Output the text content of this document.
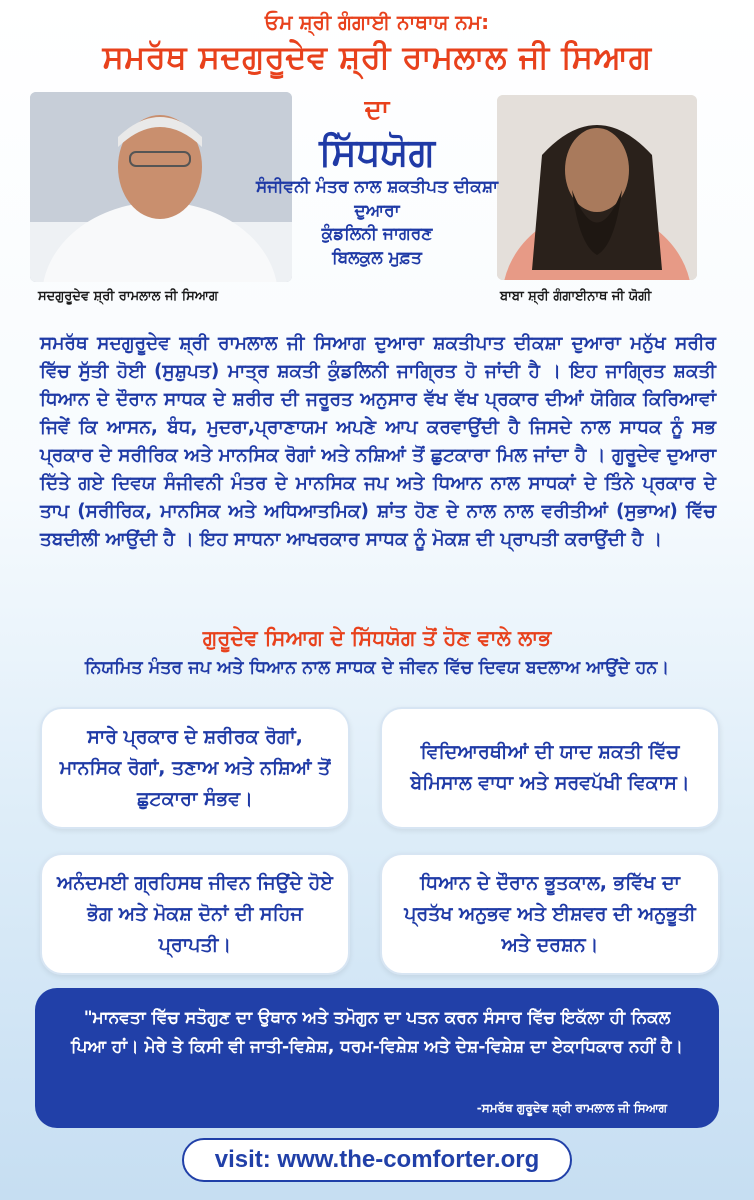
ਓਮ ਸ਼੍ਰੀ ਗੰਗਾਈ ਨਾਥਾਯ ਨਮ:
ਸਮਰੱਥ ਸਦਗੁਰੂਦੇਵ ਸ਼੍ਰੀ ਰਾਮਲਾਲ ਜੀ ਸਿਆਗ
ਦਾ
ਸਿੱਧਯੋਗ
ਸੰਜੀਵਨੀ ਮੰਤਰ ਨਾਲ ਸ਼ਕਤੀਪਤ ਦੀਕਸ਼ਾ
ਦੁਆਰਾ
ਕੁੰਡਲਿਨੀ ਜਾਗਰਣ
ਬਿਲਕੁਲ ਮੁਫ਼ਤ
ਸਦਗੁਰੂਦੇਵ ਸ਼੍ਰੀ ਰਾਮਲਾਲ ਜੀ ਸਿਆਗ	ਬਾਬਾ ਸ਼੍ਰੀ ਗੰਗਾਈਨਾਥ ਜੀ ਯੋਗੀ

ਸਮਰੱਥ ਸਦਗੁਰੂਦੇਵ ਸ਼੍ਰੀ ਰਾਮਲਾਲ ਜੀ ਸਿਆਗ ਦੁਆਰਾ ਸ਼ਕਤੀਪਾਤ ਦੀਕਸ਼ਾ ਦੁਆਰਾ ਮਨੁੱਖ ਸਰੀਰ ਵਿੱਚ ਸੁੱਤੀ ਹੋਈ (ਸੁਸ਼ੁਪਤ) ਮਾਤ੍ਰ ਸ਼ਕਤੀ ਕੁੰਡਲਿਨੀ ਜਾਗ੍ਰਿਤ ਹੋ ਜਾਂਦੀ ਹੈ । ਇਹ ਜਾਗ੍ਰਿਤ ਸ਼ਕਤੀ ਧਿਆਨ ਦੇ ਦੌਰਾਨ ਸਾਧਕ ਦੇ ਸ਼ਰੀਰ ਦੀ ਜਰੂਰਤ ਅਨੁਸਾਰ ਵੱਖ ਵੱਖ ਪ੍ਰਕਾਰ ਦੀਆਂ ਯੋਗਿਕ ਕਿਰਿਆਵਾਂ ਜਿਵੇਂ ਕਿ ਆਸਨ, ਬੰਧ, ਮੁਦਰਾ,ਪ੍ਰਾਣਾਯਮ ਅਪਣੇ ਆਪ ਕਰਵਾਉਂਦੀ ਹੈ ਜਿਸਦੇ ਨਾਲ ਸਾਧਕ ਨੂੰ ਸਭ ਪ੍ਰਕਾਰ ਦੇ ਸਰੀਰਿਕ ਅਤੇ ਮਾਨਸਿਕ ਰੋਗਾਂ ਅਤੇ ਨਸ਼ਿਆਂ ਤੋਂ ਛੁਟਕਾਰਾ ਮਿਲ ਜਾਂਦਾ ਹੈ । ਗੁਰੂਦੇਵ ਦੁਆਰਾ ਦਿੱਤੇ ਗਏ ਦਿਵਯ ਸੰਜੀਵਨੀ ਮੰਤਰ ਦੇ ਮਾਨਸਿਕ ਜਪ ਅਤੇ ਧਿਆਨ ਨਾਲ ਸਾਧਕਾਂ ਦੇ ਤਿੰਨੇ ਪ੍ਰਕਾਰ ਦੇ ਤਾਪ (ਸਰੀਰਿਕ, ਮਾਨਸਿਕ ਅਤੇ ਅਧਿਆਤਮਿਕ) ਸ਼ਾਂਤ ਹੋਣ ਦੇ ਨਾਲ ਨਾਲ ਵਰੀਤੀਆਂ (ਸੁਭਾਅ) ਵਿੱਚ ਤਬਦੀਲੀ ਆਉਂਦੀ ਹੈ । ਇਹ ਸਾਧਨਾ ਆਖਰਕਾਰ ਸਾਧਕ ਨੂੰ ਮੋਕਸ਼ ਦੀ ਪ੍ਰਾਪਤੀ ਕਰਾਉਂਦੀ ਹੈ ।

ਗੁਰੂਦੇਵ ਸਿਆਗ ਦੇ ਸਿੱਧਯੋਗ ਤੋਂ ਹੋਣ ਵਾਲੇ ਲਾਭ
ਨਿਯਮਿਤ ਮੰਤਰ ਜਪ ਅਤੇ ਧਿਆਨ ਨਾਲ ਸਾਧਕ ਦੇ ਜੀਵਨ ਵਿੱਚ ਦਿਵਯ ਬਦਲਾਅ ਆਉਂਦੇ ਹਨ।
ਸਾਰੇ ਪ੍ਰਕਾਰ ਦੇ ਸ਼ਰੀਰਕ ਰੋਗਾਂ, ਮਾਨਸਿਕ ਰੋਗਾਂ, ਤਣਾਅ ਅਤੇ ਨਸ਼ਿਆਂ ਤੋਂ ਛੁਟਕਾਰਾ ਸੰਭਵ।
ਵਿਦਿਆਰਥੀਆਂ ਦੀ ਯਾਦ ਸ਼ਕਤੀ ਵਿੱਚ ਬੇਮਿਸਾਲ ਵਾਧਾ ਅਤੇ ਸਰਵਪੱਖੀ ਵਿਕਾਸ।
ਅਨੰਦਮਈ ਗ੍ਰਹਿਸਥ ਜੀਵਨ ਜਿਉਂਦੇ ਹੋਏ ਭੋਗ ਅਤੇ ਮੋਕਸ਼ ਦੋਨਾਂ ਦੀ ਸਹਿਜ ਪ੍ਰਾਪਤੀ।
ਧਿਆਨ ਦੇ ਦੌਰਾਨ ਭੂਤਕਾਲ, ਭਵਿੱਖ ਦਾ ਪ੍ਰਤੱਖ ਅਨੁਭਵ ਅਤੇ ਈਸ਼ਵਰ ਦੀ ਅਨੁਭੂਤੀ ਅਤੇ ਦਰਸ਼ਨ।

"ਮਾਨਵਤਾ ਵਿੱਚ ਸਤੋਗੁਣ ਦਾ ਉਥਾਨ ਅਤੇ ਤਮੋਗੁਨ ਦਾ ਪਤਨ ਕਰਨ ਸੰਸਾਰ ਵਿੱਚ ਇਕੱਲਾ ਹੀ ਨਿਕਲ ਪਿਆ ਹਾਂ। ਮੇਰੇ ਤੇ ਕਿਸੀ ਵੀ ਜਾਤੀ-ਵਿਸ਼ੇਸ਼, ਧਰਮ-ਵਿਸ਼ੇਸ਼ ਅਤੇ ਦੇਸ਼-ਵਿਸ਼ੇਸ਼ ਦਾ ਏਕਾਧਿਕਾਰ ਨਹੀਂ ਹੈ।

-ਸਮਰੱਥ ਗੁਰੂਦੇਵ ਸ਼੍ਰੀ ਰਾਮਲਾਲ ਜੀ ਸਿਆਗ
visit: www.the-comforter.org
